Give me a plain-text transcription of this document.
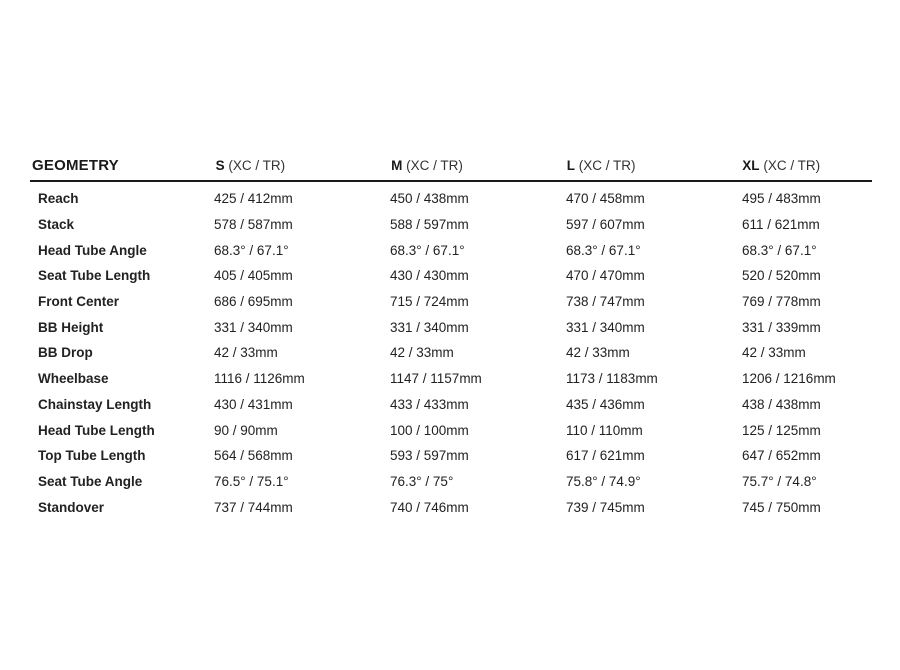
GEOMETRY	S (XC / TR)	M (XC / TR)	L (XC / TR)	XL (XC / TR)
Reach	425 / 412mm	450 / 438mm	470 / 458mm	495 / 483mm
Stack	578 / 587mm	588 / 597mm	597 / 607mm	611 / 621mm
Head Tube Angle	68.3° / 67.1°	68.3° / 67.1°	68.3° / 67.1°	68.3° / 67.1°
Seat Tube Length	405 / 405mm	430 / 430mm	470 / 470mm	520 / 520mm
Front Center	686 / 695mm	715 / 724mm	738 / 747mm	769 / 778mm
BB Height	331 / 340mm	331 / 340mm	331 / 340mm	331 / 339mm
BB Drop	42 / 33mm	42 / 33mm	42 / 33mm	42 / 33mm
Wheelbase	1116 / 1126mm	1147 / 1157mm	1173 / 1183mm	1206 / 1216mm
Chainstay Length	430 / 431mm	433 / 433mm	435 / 436mm	438 / 438mm
Head Tube Length	90 / 90mm	100 / 100mm	110 / 110mm	125 / 125mm
Top Tube Length	564 / 568mm	593 / 597mm	617 / 621mm	647 / 652mm
Seat Tube Angle	76.5° / 75.1°	76.3° / 75°	75.8° / 74.9°	75.7° / 74.8°
Standover	737 / 744mm	740 / 746mm	739 / 745mm	745 / 750mm
